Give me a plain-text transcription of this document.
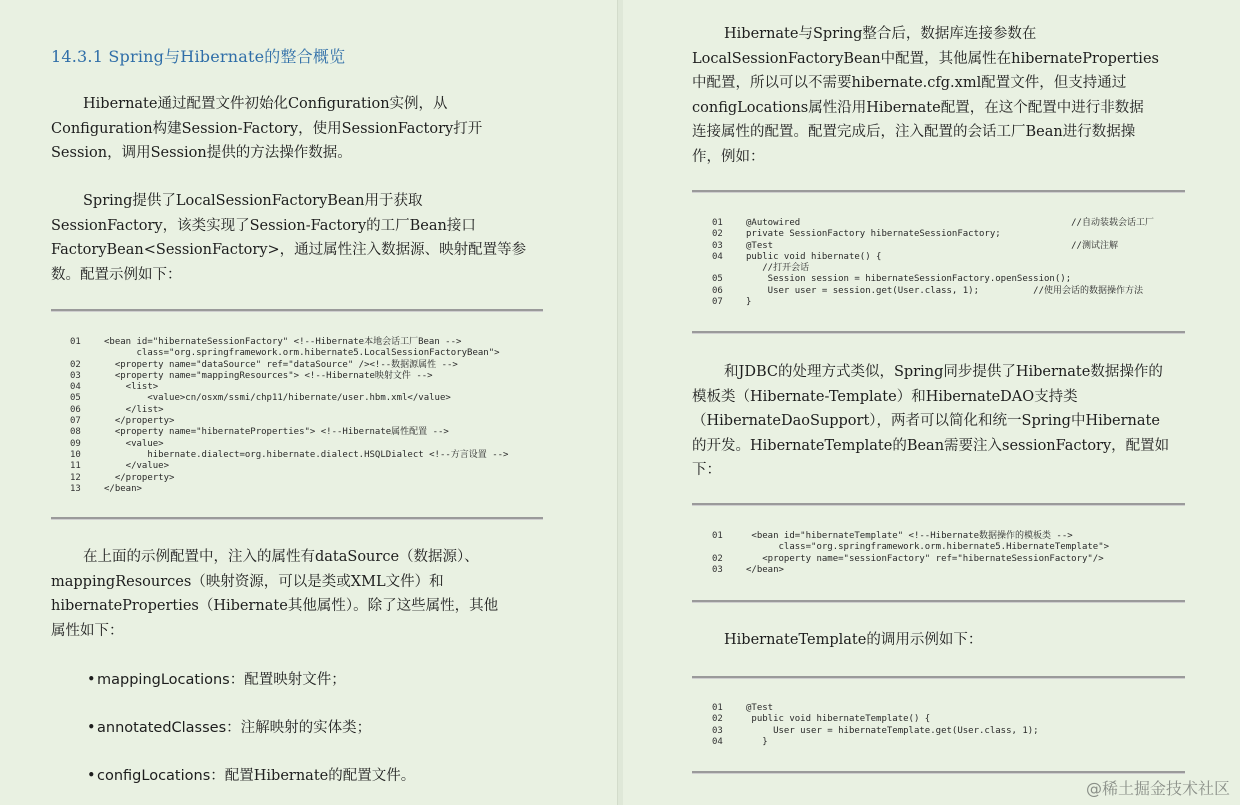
14.3.1 Spring与Hibernate的整合概览
Hibernate通过配置文件初始化Configuration实例，从
Configuration构建Session-Factory，使用SessionFactory打开
Session，调用Session提供的方法操作数据。
Spring提供了LocalSessionFactoryBean用于获取
SessionFactory，该类实现了Session-Factory的工厂Bean接口
FactoryBean<SessionFactory>，通过属性注入数据源、映射配置等参
数。配置示例如下：
01	<bean id="hibernateSessionFactory" <!--Hibernate本地会话工厂Bean -->
class="org.springframework.orm.hibernate5.LocalSessionFactoryBean">
02	<property name="dataSource" ref="dataSource" /><!--数据源属性 -->
03	<property name="mappingResources"> <!--Hibernate映射文件 -->
04	<list>
05	<value>cn/osxm/ssmi/chp11/hibernate/user.hbm.xml</value>
06	</list>
07	</property>
08	<property name="hibernateProperties"> <!--Hibernate属性配置 -->
09	<value>
10	hibernate.dialect=org.hibernate.dialect.HSQLDialect <!--方言设置 -->
11	</value>
12	</property>
13	</bean>
在上面的示例配置中，注入的属性有dataSource（数据源）、
mappingResources（映射资源，可以是类或XML文件）和
hibernateProperties（Hibernate其他属性）。除了这些属性，其他
属性如下：
•mappingLocations：配置映射文件；
•annotatedClasses：注解映射的实体类；
•configLocations：配置Hibernate的配置文件。
Hibernate与Spring整合后，数据库连接参数在
LocalSessionFactoryBean中配置，其他属性在hibernateProperties
中配置，所以可以不需要hibernate.cfg.xml配置文件，但支持通过
configLocations属性沿用Hibernate配置，在这个配置中进行非数据
连接属性的配置。配置完成后，注入配置的会话工厂Bean进行数据操
作，例如：
01	@Autowired                                                  //自动装载会话工厂
02	private SessionFactory hibernateSessionFactory;
03	@Test                                                       //测试注解
04	public void hibernate() {
//打开会话
05	Session session = hibernateSessionFactory.openSession();
06	User user = session.get(User.class, 1);          //使用会话的数据操作方法
07	}
和JDBC的处理方式类似，Spring同步提供了Hibernate数据操作的
模板类（Hibernate-Template）和HibernateDAO支持类
（HibernateDaoSupport），两者可以简化和统一Spring中Hibernate
的开发。HibernateTemplate的Bean需要注入sessionFactory，配置如
下：
01	<bean id="hibernateTemplate" <!--Hibernate数据操作的模板类 -->
class="org.springframework.orm.hibernate5.HibernateTemplate">
02	<property name="sessionFactory" ref="hibernateSessionFactory"/>
03	</bean>
HibernateTemplate的调用示例如下：
01	@Test
02	public void hibernateTemplate() {
03	User user = hibernateTemplate.get(User.class, 1);
04	}
@稀土掘金技术社区
